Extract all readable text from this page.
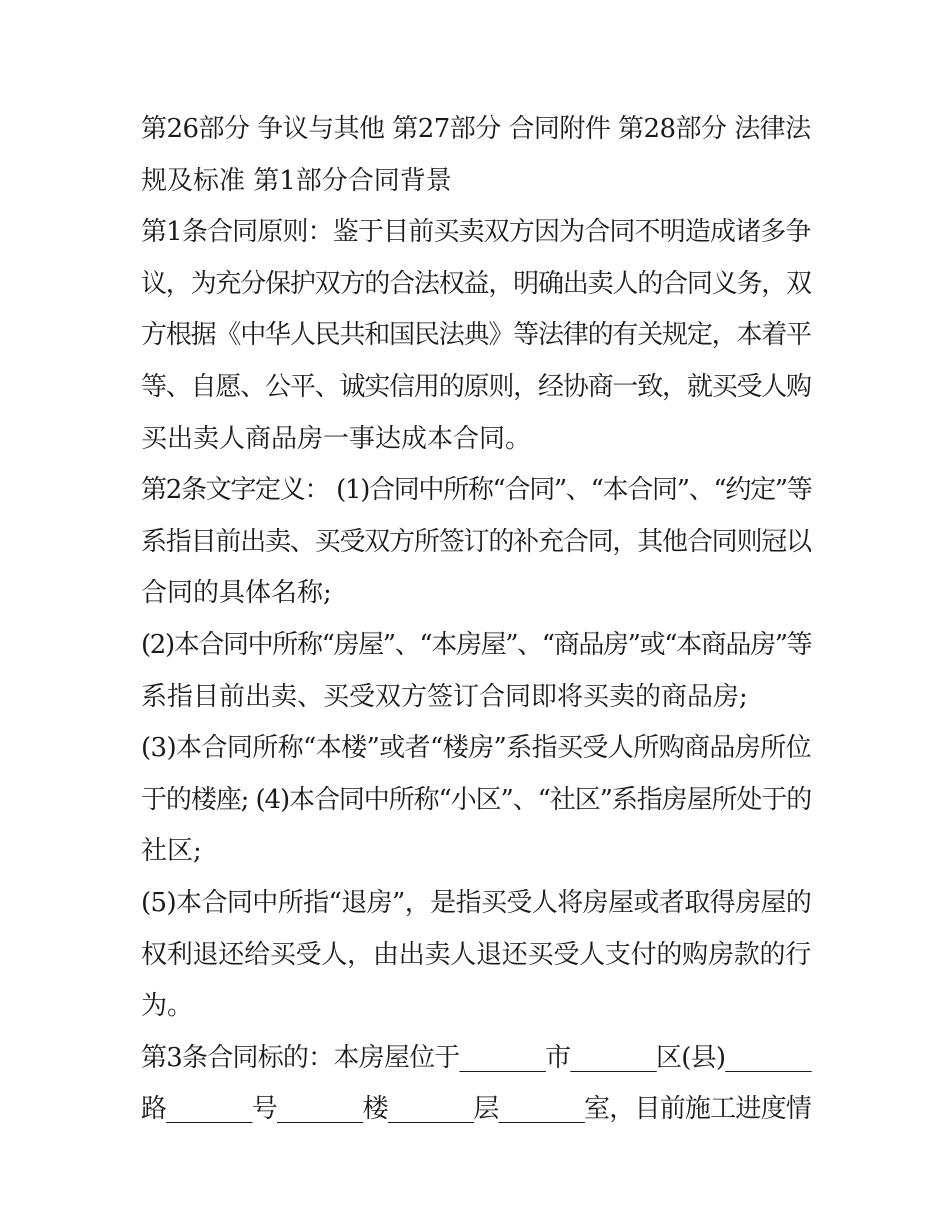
第26部分 争议与其他 第27部分 合同附件 第28部分 法律法
规及标准 第1部分合同背景
第1条合同原则：鉴于目前买卖双方因为合同不明造成诸多争
议，为充分保护双方的合法权益，明确出卖人的合同义务，双
方根据《中华人民共和国民法典》等法律的有关规定，本着平
等、自愿、公平、诚实信用的原则，经协商一致，就买受人购
买出卖人商品房一事达成本合同。
第2条文字定义： (1)合同中所称“合同”、“本合同”、“约定”等
系指目前出卖、买受双方所签订的补充合同，其他合同则冠以
合同的具体名称;
(2)本合同中所称“房屋”、“本房屋”、“商品房”或“本商品房”等
系指目前出卖、买受双方签订合同即将买卖的商品房;
(3)本合同所称“本楼”或者“楼房”系指买受人所购商品房所位
于的楼座; (4)本合同中所称“小区”、“社区”系指房屋所处于的
社区;
(5)本合同中所指“退房”，是指买受人将房屋或者取得房屋的
权利退还给买受人，由出卖人退还买受人支付的购房款的行
为。
第3条合同标的：本房屋位于_______市_______区(县)_______
路_______号_______楼_______层_______室，目前施工进度情
